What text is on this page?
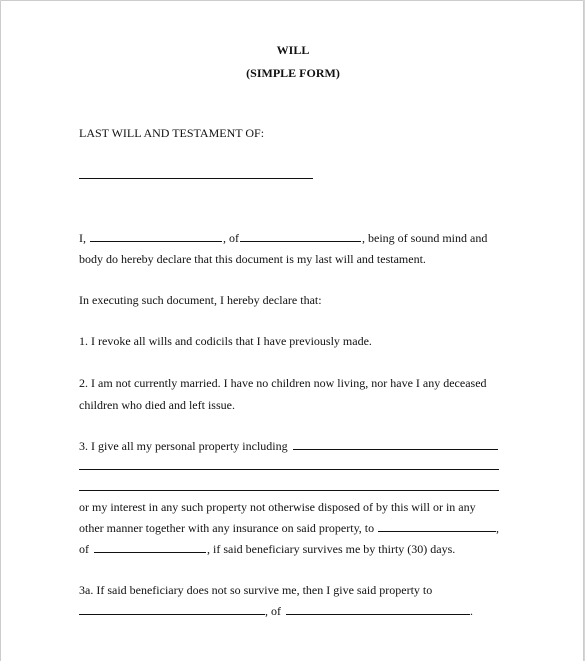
WILL
(SIMPLE FORM)
LAST WILL AND TESTAMENT OF:
I,	, of	, being of sound mind and
body do hereby declare that this document is my last will and testament.
In executing such document, I hereby declare that:
1. I revoke all wills and codicils that I have previously made.
2. I am not currently married. I have no children now living, nor have I any deceased
children who died and left issue.
3. I give all my personal property including
or my interest in any such property not otherwise disposed of by this will or in any
other manner together with any insurance on said property, to	,
of	, if said beneficiary survives me by thirty (30) days.
3a. If said beneficiary does not so survive me, then I give said property to
, of	.
